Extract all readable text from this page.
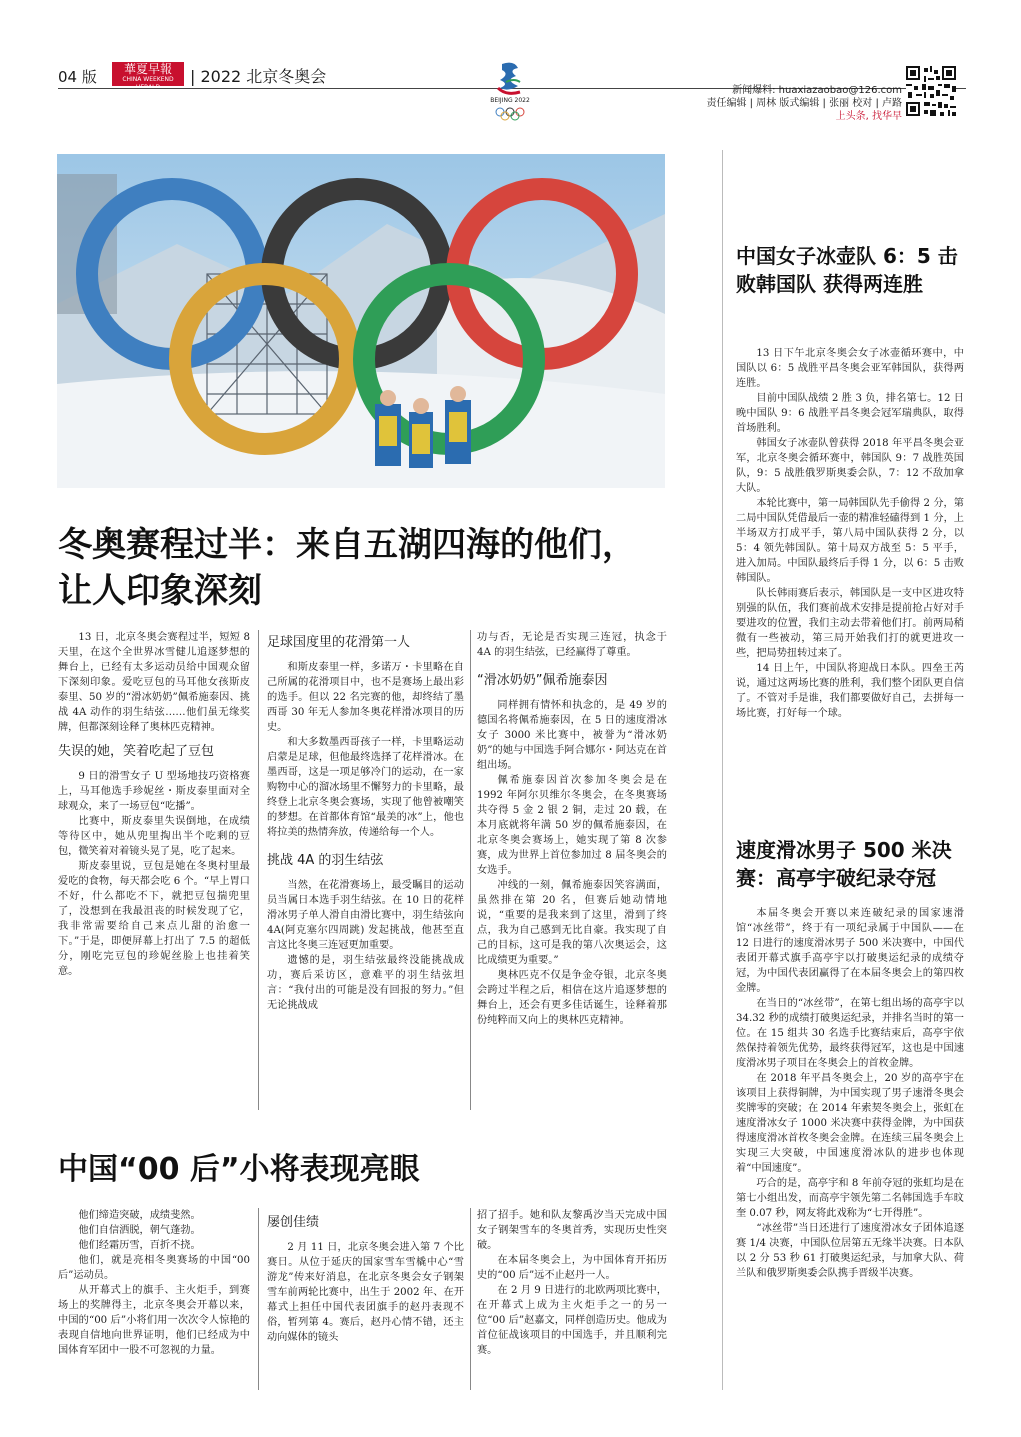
04 版	華夏早報
CHINA WEEKEND	| 2022 北京冬奥会
BEIJING 2022
新闻爆料: huaxiazaobao@126.com
责任编辑 | 周林 版式编辑 | 张丽 校对 | 卢路
上头条, 找华早
冬奥赛程过半：来自五湖四海的他们，让人印象深刻

13 日，北京冬奥会赛程过半，短短 8 天里，在这个全世界冰雪健儿追逐梦想的舞台上，已经有太多运动员给中国观众留下深刻印象。爱吃豆包的马耳他女孩斯皮泰里、50 岁的“滑冰奶奶”佩希施泰因、挑战 4A 动作的羽生结弦……他们虽无缘奖牌，但都深刻诠释了奥林匹克精神。

失误的她，笑着吃起了豆包

9 日的滑雪女子 U 型场地技巧资格赛上，马耳他选手珍妮丝・斯皮泰里面对全球观众，来了一场豆包“吃播”。

比赛中，斯皮泰里失误倒地，在成绩等待区中，她从兜里掏出半个吃剩的豆包，微笑着对着镜头晃了晃，吃了起来。

斯皮泰里说，豆包是她在冬奥村里最爱吃的食物，每天都会吃 6 个。“早上胃口不好，什么都吃不下，就把豆包揣兜里了，没想到在我最沮丧的时候发现了它，我非常需要给自己来点儿甜的治愈一下。”于是，即便屏幕上打出了 7.5 的超低分，刚吃完豆包的珍妮丝脸上也挂着笑意。

足球国度里的花滑第一人

和斯皮泰里一样，多诺万・卡里略在自己所属的花滑项目中，也不是赛场上最出彩的选手。但以 22 名完赛的他，却终结了墨西哥 30 年无人参加冬奥花样滑冰项目的历史。

和大多数墨西哥孩子一样，卡里略运动启蒙是足球，但他最终选择了花样滑冰。在墨西哥，这是一项足够冷门的运动，在一家购物中心的溜冰场里不懈努力的卡里略，最终登上北京冬奥会赛场，实现了他曾被嘲笑的梦想。在首都体育馆“最美的冰”上，他也将拉美的热情奔放，传递给每一个人。

挑战 4A 的羽生结弦

当然，在花滑赛场上，最受瞩目的运动员当属日本选手羽生结弦。在 10 日的花样滑冰男子单人滑自由滑比赛中，羽生结弦向 4A(阿克塞尔四周跳) 发起挑战，他甚至直言这比冬奥三连冠更加重要。

遗憾的是，羽生结弦最终没能挑战成功，赛后采访区，意难平的羽生结弦坦言：“我付出的可能是没有回报的努力。”但无论挑战成

功与否，无论是否实现三连冠，执念于 4A 的羽生结弦，已经赢得了尊重。

“滑冰奶奶”佩希施泰因

同样拥有情怀和执念的，是 49 岁的德国名将佩希施泰因，在 5 日的速度滑冰女子 3000 米比赛中，被誉为“滑冰奶奶”的她与中国选手阿合娜尔・阿达克在首组出场。

佩希施泰因首次参加冬奥会是在 1992 年阿尔贝维尔冬奥会，在冬奥赛场共夺得 5 金 2 银 2 铜，走过 20 载，在本月底就将年满 50 岁的佩希施泰因，在北京冬奥会赛场上，她实现了第 8 次参赛，成为世界上首位参加过 8 届冬奥会的女选手。

冲线的一刻，佩希施泰因笑容满面，虽然排在第 20 名，但赛后她动情地说，“重要的是我来到了这里，滑到了终点，我为自己感到无比自豪。我实现了自己的目标，这可是我的第八次奥运会，这比成绩更为重要。”

奥林匹克不仅是争金夺银，北京冬奥会跨过半程之后，相信在这片追逐梦想的舞台上，还会有更多佳话诞生，诠释着那份纯粹而又向上的奥林匹克精神。

中国“00 后”小将表现亮眼

他们缔造突破，成绩斐然。

他们自信洒脱，朝气蓬勃。

他们经霜历雪，百折不挠。

他们，就是亮相冬奥赛场的中国“00 后”运动员。

从开幕式上的旗手、主火炬手，到赛场上的奖牌得主，北京冬奥会开幕以来，中国的“00 后”小将们用一次次令人惊艳的表现自信地向世界证明，他们已经成为中国体育军团中一股不可忽视的力量。

屡创佳绩

2 月 11 日，北京冬奥会进入第 7 个比赛日。从位于延庆的国家雪车雪橇中心“雪游龙”传来好消息，在北京冬奥会女子钢架雪车前两轮比赛中，出生于 2002 年、在开幕式上担任中国代表团旗手的赵丹表现不俗，暂列第 4。赛后，赵丹心情不错，还主动向媒体的镜头

招了招手。她和队友黎禹汐当天完成中国女子钢架雪车的冬奥首秀，实现历史性突破。

在本届冬奥会上，为中国体育开拓历史的“00 后”远不止赵丹一人。

在 2 月 9 日进行的北欧两项比赛中，在开幕式上成为主火炬手之一的另一位“00 后”赵嘉文，同样创造历史。他成为首位征战该项目的中国选手，并且顺利完赛。

中国女子冰壶队 6：5 击败韩国队 获得两连胜

13 日下午北京冬奥会女子冰壶循环赛中，中国队以 6：5 战胜平昌冬奥会亚军韩国队，获得两连胜。

目前中国队战绩 2 胜 3 负，排名第七。12 日晚中国队 9：6 战胜平昌冬奥会冠军瑞典队，取得首场胜利。

韩国女子冰壶队曾获得 2018 年平昌冬奥会亚军，北京冬奥会循环赛中，韩国队 9：7 战胜英国队，9：5 战胜俄罗斯奥委会队，7：12 不敌加拿大队。

本轮比赛中，第一局韩国队先手偷得 2 分，第二局中国队凭借最后一壶的精准轻磕得到 1 分，上半场双方打成平手，第八局中国队获得 2 分，以 5：4 领先韩国队。第十局双方战至 5：5 平手，进入加局。中国队最终后手得 1 分，以 6：5 击败韩国队。

队长韩雨赛后表示，韩国队是一支中区进攻特别强的队伍，我们赛前战术安排是提前抢占好对手要进攻的位置，我们主动去带着他们打。前两局稍微有一些被动，第三局开始我们打的就更进攻一些，把局势扭转过来了。

14 日上午，中国队将迎战日本队。四垒王芮说，通过这两场比赛的胜利，我们整个团队更自信了。不管对手是谁，我们都要做好自己，去拼每一场比赛，打好每一个球。

速度滑冰男子 500 米决赛：高亭宇破纪录夺冠

本届冬奥会开赛以来连破纪录的国家速滑馆“冰丝带”，终于有一项纪录属于中国队——在 12 日进行的速度滑冰男子 500 米决赛中，中国代表团开幕式旗手高亭宇以打破奥运纪录的成绩夺冠，为中国代表团赢得了在本届冬奥会上的第四枚金牌。

在当日的“冰丝带”，在第七组出场的高亭宇以 34.32 秒的成绩打破奥运纪录，并排名当时的第一位。在 15 组共 30 名选手比赛结束后，高亭宇依然保持着领先优势，最终获得冠军，这也是中国速度滑冰男子项目在冬奥会上的首枚金牌。

在 2018 年平昌冬奥会上，20 岁的高亭宇在该项目上获得铜牌，为中国实现了男子速滑冬奥会奖牌零的突破；在 2014 年索契冬奥会上，张虹在速度滑冰女子 1000 米决赛中获得金牌，为中国获得速度滑冰首枚冬奥会金牌。在连续三届冬奥会上实现三大突破，中国速度滑冰队的进步也体现着“中国速度”。

巧合的是，高亭宇和 8 年前夺冠的张虹均是在第七小组出发，而高亭宇领先第二名韩国选手车旼奎 0.07 秒，网友将此戏称为“七开得胜”。

“冰丝带”当日还进行了速度滑冰女子团体追逐赛 1/4 决赛，中国队位居第五无缘半决赛。日本队以 2 分 53 秒 61 打破奥运纪录，与加拿大队、荷兰队和俄罗斯奥委会队携手晋级半决赛。
